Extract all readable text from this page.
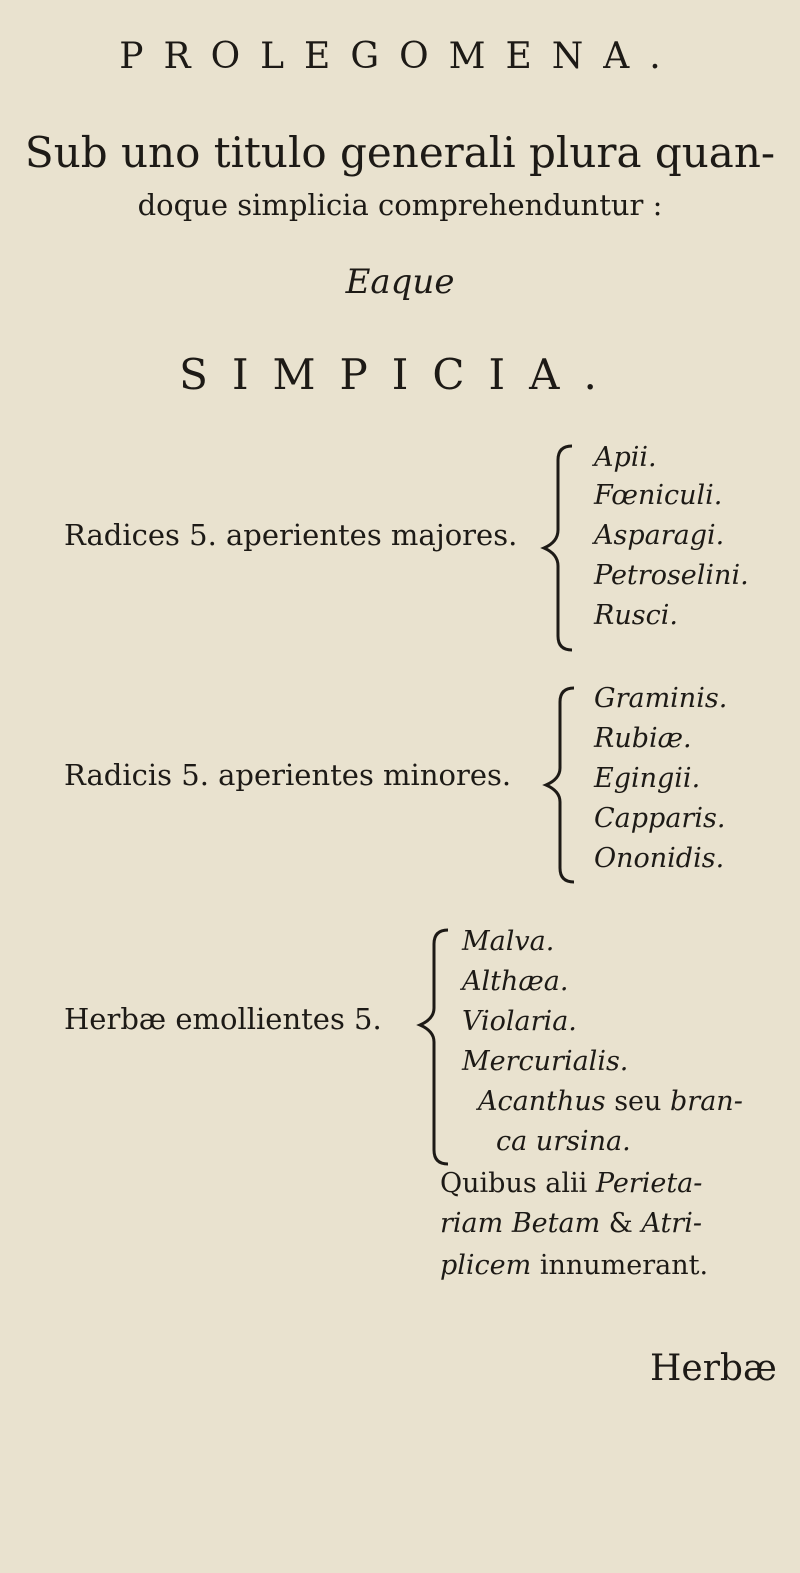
PROLEGOMENA.
Sub uno titulo generali plura quan-
doque simplicia comprehenduntur :
Eaque
SIMPICIA.
Radices 5. aperientes majores.
Apii.
Fœniculi.
Asparagi.
Petroselini.
Rusci.
Radicis 5. aperientes minores.
Graminis.
Rubiæ.
Egingii.
Capparis.
Ononidis.
Herbæ emollientes 5.
Malva.
Althæa.
Violaria.
Mercurialis.
Acanthus seu bran-
ca ursina.
Quibus alii Perieta-
riam Betam & Atri-
plicem innumerant.
Herbæ
